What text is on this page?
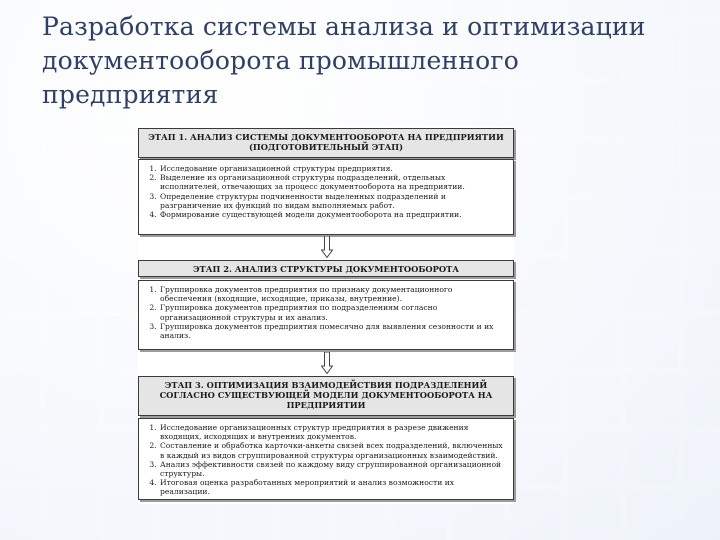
Разработка системы анализа и оптимизации документооборота промышленного предприятия
ЭТАП 1. АНАЛИЗ СИСТЕМЫ ДОКУМЕНТООБОРОТА НА ПРЕДПРИЯТИИ (ПОДГОТОВИТЕЛЬНЫЙ ЭТАП)
1. Исследование организационной структуры предприятия.
2. Выделение из организационной структуры подразделений, отдельных исполнителей, отвечающих за процесс документооборота на предприятии.
3. Определение структуры подчиненности выделенных подразделений и разграничение их функций по видам выполняемых работ.
4. Формирование существующей модели документооборота на предприятии.
ЭТАП 2. АНАЛИЗ СТРУКТУРЫ ДОКУМЕНТООБОРОТА
1. Группировка документов предприятия по признаку документационного обеспечения (входящие, исходящие, приказы, внутренние).
2. Группировка документов предприятия по подразделениям согласно организационной структуры и их анализ.
3. Группировка документов предприятия помесячно для выявления сезонности и их анализ.
ЭТАП 3. ОПТИМИЗАЦИЯ ВЗАИМОДЕЙСТВИЯ ПОДРАЗДЕЛЕНИЙ СОГЛАСНО СУЩЕСТВУЮЩЕЙ МОДЕЛИ ДОКУМЕНТООБОРОТА НА ПРЕДПРИЯТИИ
1. Исследование организационных структур предприятия в разрезе движения входящих, исходящих и внутренних документов.
2. Составление и обработка карточки-анкеты связей всех подразделений, включенных в каждый из видов сгруппированной структуры организационных взаимодействий.
3. Анализ эффективности связей по каждому виду сгруппированной организационной структуры.
4. Итоговая оценка разработанных мероприятий и анализ возможности их реализации.
